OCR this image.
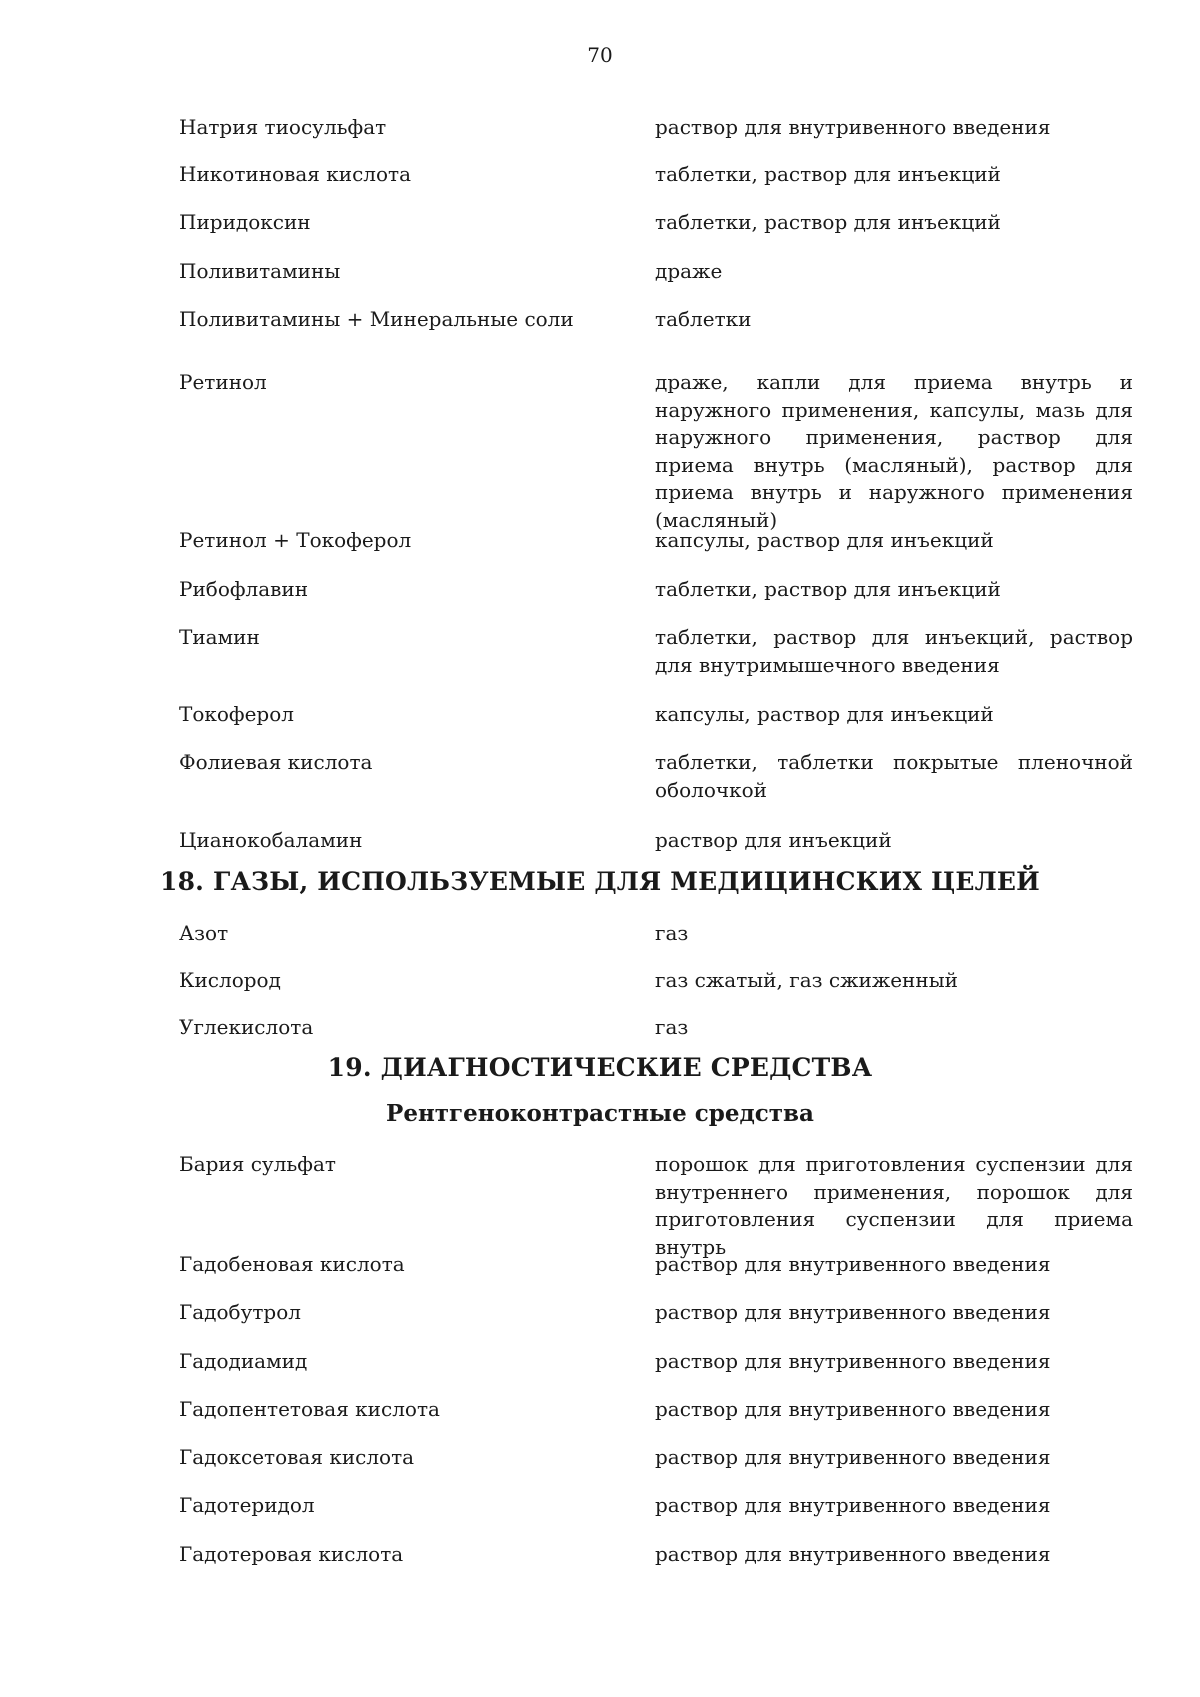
70
Натрия тиосульфат	раствор для внутривенного введения
Никотиновая кислота	таблетки, раствор для инъекций
Пиридоксин	таблетки, раствор для инъекций
Поливитамины	драже
Поливитамины + Минеральные соли	таблетки
Ретинол	драже, капли для приема внутрь и наружного применения, капсулы, мазь для наружного применения, раствор для приема внутрь (масляный), раствор для приема внутрь и наружного применения (масляный)
Ретинол + Токоферол	капсулы, раствор для инъекций
Рибофлавин	таблетки, раствор для инъекций
Тиамин	таблетки, раствор для инъекций, раствор для внутримышечного введения
Токоферол	капсулы, раствор для инъекций
Фолиевая кислота	таблетки, таблетки покрытые пленочной оболочкой
Цианокобаламин	раствор для инъекций
18. ГАЗЫ, ИСПОЛЬЗУЕМЫЕ ДЛЯ МЕДИЦИНСКИХ ЦЕЛЕЙ
Азот	газ
Кислород	газ сжатый, газ сжиженный
Углекислота	газ
19. ДИАГНОСТИЧЕСКИЕ СРЕДСТВА
Рентгеноконтрастные средства
Бария сульфат	порошок для приготовления суспензии для внутреннего применения, порошок для приготовления суспензии для приема внутрь
Гадобеновая кислота	раствор для внутривенного введения
Гадобутрол	раствор для внутривенного введения
Гадодиамид	раствор для внутривенного введения
Гадопентетовая кислота	раствор для внутривенного введения
Гадоксетовая кислота	раствор для внутривенного введения
Гадотеридол	раствор для внутривенного введения
Гадотеровая кислота	раствор для внутривенного введения
